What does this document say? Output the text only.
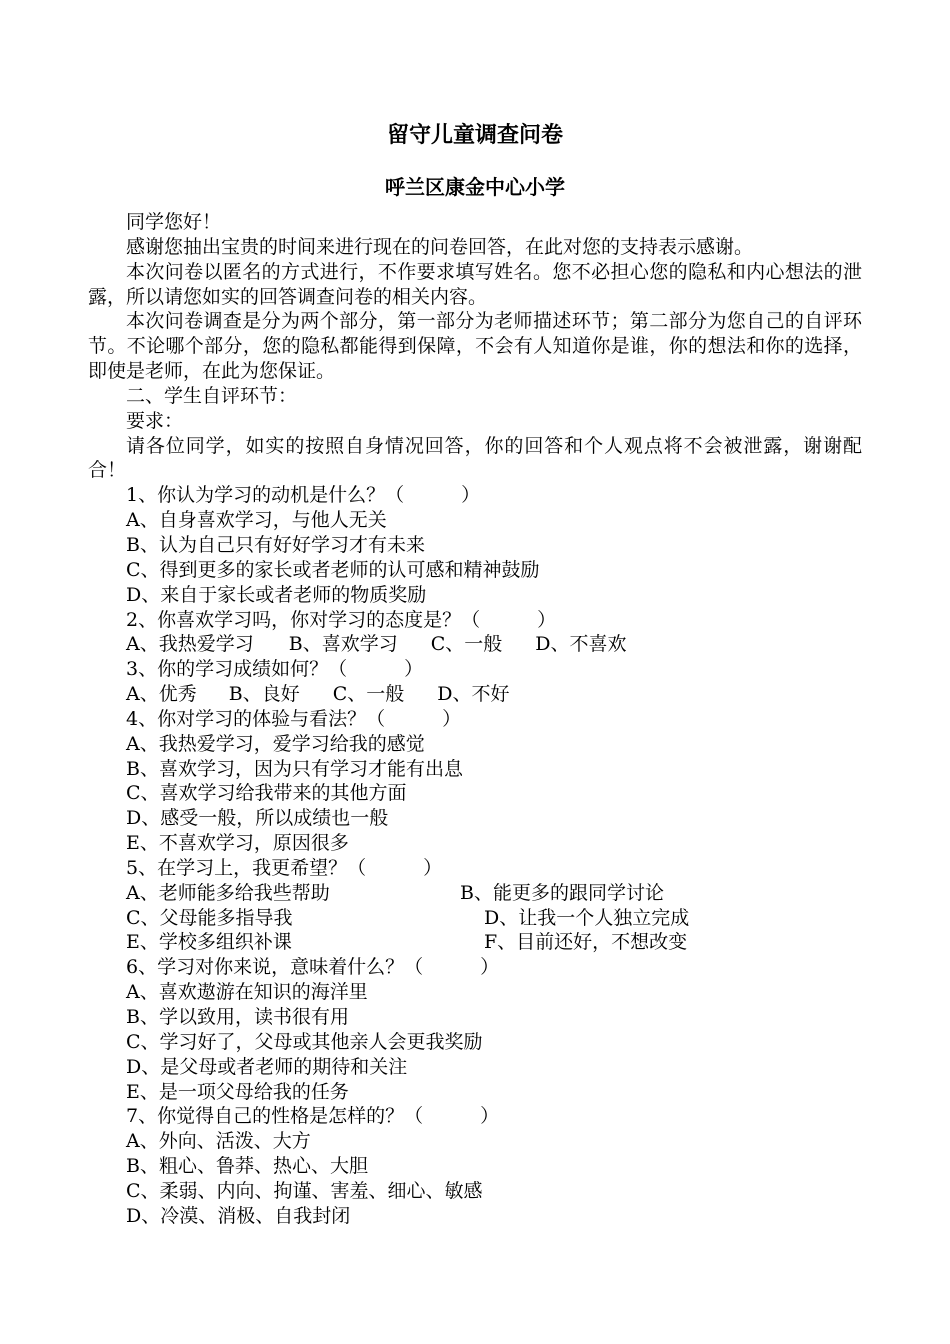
留守儿童调查问卷
呼兰区康金中心小学

同学您好！

感谢您抽出宝贵的时间来进行现在的问卷回答，在此对您的支持表示感谢。

本次问卷以匿名的方式进行，不作要求填写姓名。您不必担心您的隐私和内心想法的泄露，所以请您如实的回答调查问卷的相关内容。

本次问卷调查是分为两个部分，第一部分为老师描述环节；第二部分为您自己的自评环节。不论哪个部分，您的隐私都能得到保障，不会有人知道你是谁，你的想法和你的选择，即使是老师，在此为您保证。

二、学生自评环节：

要求：

请各位同学，如实的按照自身情况回答，你的回答和个人观点将不会被泄露，谢谢配合！

1、你认为学习的动机是什么？（　　　）

A、自身喜欢学习，与他人无关

B、认为自己只有好好学习才有未来

C、得到更多的家长或者老师的认可感和精神鼓励

D、来自于家长或者老师的物质奖励

2、你喜欢学习吗，你对学习的态度是？（　　　）

A、我热爱学习 B、喜欢学习 C、一般 D、不喜欢

3、你的学习成绩如何？（　　　）

A、优秀 B、良好 C、一般 D、不好

4、你对学习的体验与看法？（　　　）

A、我热爱学习，爱学习给我的感觉

B、喜欢学习，因为只有学习才能有出息

C、喜欢学习给我带来的其他方面

D、感受一般，所以成绩也一般

E、不喜欢学习，原因很多

5、在学习上，我更希望？（　　　）

A、老师能多给我些帮助	B、能更多的跟同学讨论
C、父母能多指导我	D、让我一个人独立完成
E、学校多组织补课	F、目前还好，不想改变

6、学习对你来说，意味着什么？（　　　）

A、喜欢遨游在知识的海洋里

B、学以致用，读书很有用

C、学习好了，父母或其他亲人会更我奖励

D、是父母或者老师的期待和关注

E、是一项父母给我的任务

7、你觉得自己的性格是怎样的？（　　　）

A、外向、活泼、大方

B、粗心、鲁莽、热心、大胆

C、柔弱、内向、拘谨、害羞、细心、敏感

D、冷漠、消极、自我封闭
